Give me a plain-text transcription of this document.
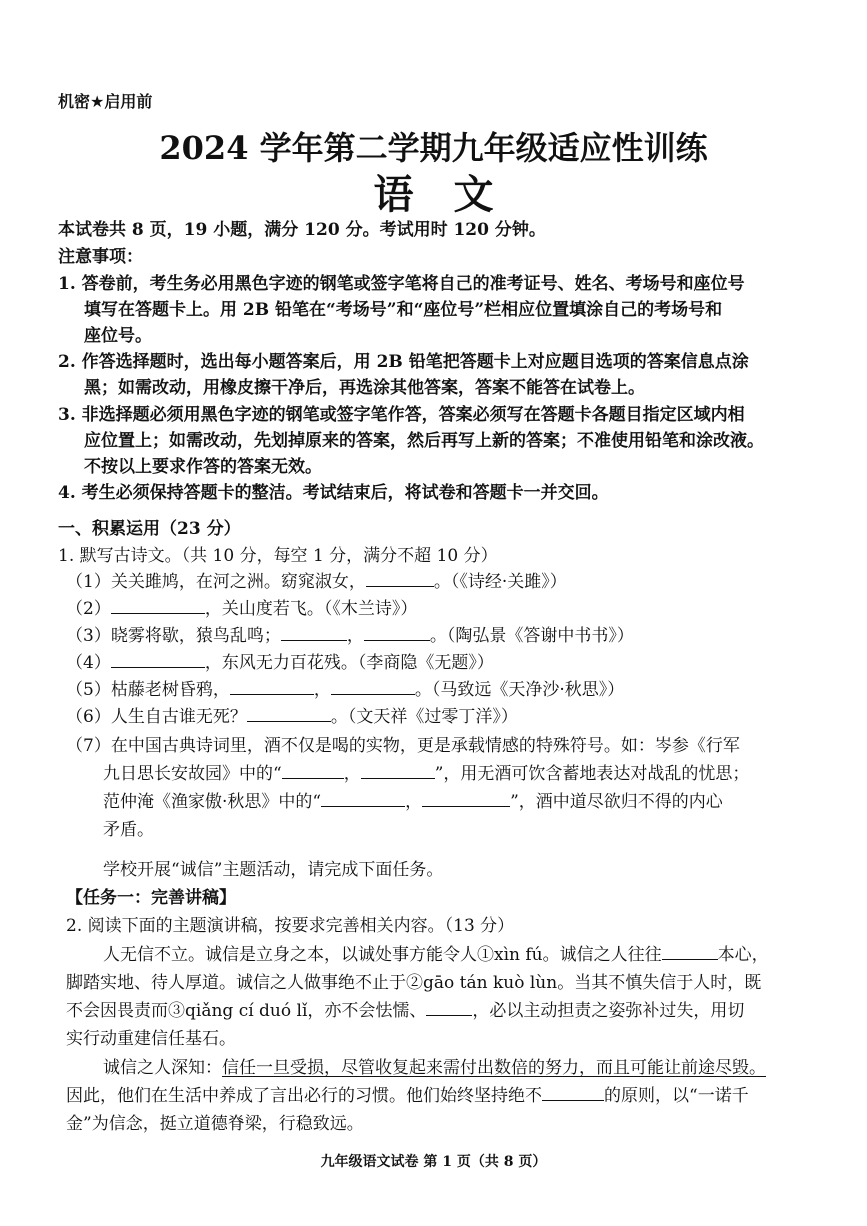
机密★启用前
2024 学年第二学期九年级适应性训练
语文
本试卷共 8 页，19 小题，满分 120 分。考试用时 120 分钟。
注意事项：
1. 答卷前，考生务必用黑色字迹的钢笔或签字笔将自己的准考证号、姓名、考场号和座位号
填写在答题卡上。用 2B 铅笔在“考场号”和“座位号”栏相应位置填涂自己的考场号和
座位号。
2. 作答选择题时，选出每小题答案后，用 2B 铅笔把答题卡上对应题目选项的答案信息点涂
黑；如需改动，用橡皮擦干净后，再选涂其他答案，答案不能答在试卷上。
3. 非选择题必须用黑色字迹的钢笔或签字笔作答，答案必须写在答题卡各题目指定区域内相
应位置上；如需改动，先划掉原来的答案，然后再写上新的答案；不准使用铅笔和涂改液。
不按以上要求作答的答案无效。
4. 考生必须保持答题卡的整洁。考试结束后，将试卷和答题卡一并交回。
一、积累运用（23 分）
1. 默写古诗文。（共 10 分，每空 1 分，满分不超 10 分）
（1）关关雎鸠，在河之洲。窈窕淑女，	。（《诗经·关雎》）
（2）	，关山度若飞。（《木兰诗》）
（3）晓雾将歇，猿鸟乱鸣；	，	。（陶弘景《答谢中书书》）
（4）	，东风无力百花残。（李商隐《无题》）
（5）枯藤老树昏鸦，	，	。（马致远《天净沙·秋思》）
（6）人生自古谁无死？	。（文天祥《过零丁洋》）
（7）在中国古典诗词里，酒不仅是喝的实物，更是承载情感的特殊符号。如：岑参《行军
九日思长安故园》中的“	，	”，用无酒可饮含蓄地表达对战乱的忧思；
范仲淹《渔家傲·秋思》中的“	，	”，酒中道尽欲归不得的内心
矛盾。
学校开展“诚信”主题活动，请完成下面任务。
【任务一：完善讲稿】
2. 阅读下面的主题演讲稿，按要求完善相关内容。（13 分）
人无信不立。诚信是立身之本，以诚处事方能令人①xìn fú。诚信之人往往	本心，
脚踏实地、待人厚道。诚信之人做事绝不止于②gāo tán kuò lùn。当其不慎失信于人时，既
不会因畏责而③qiǎng cí duó lǐ，亦不会怯懦、	，必以主动担责之姿弥补过失，用切
实行动重建信任基石。
诚信之人深知：信任一旦受损，尽管收复起来需付出数倍的努力，而且可能让前途尽毁。
因此，他们在生活中养成了言出必行的习惯。他们始终坚持绝不	的原则，以“一诺千
金”为信念，挺立道德脊梁，行稳致远。
九年级语文试卷 第 1 页（共 8 页）
